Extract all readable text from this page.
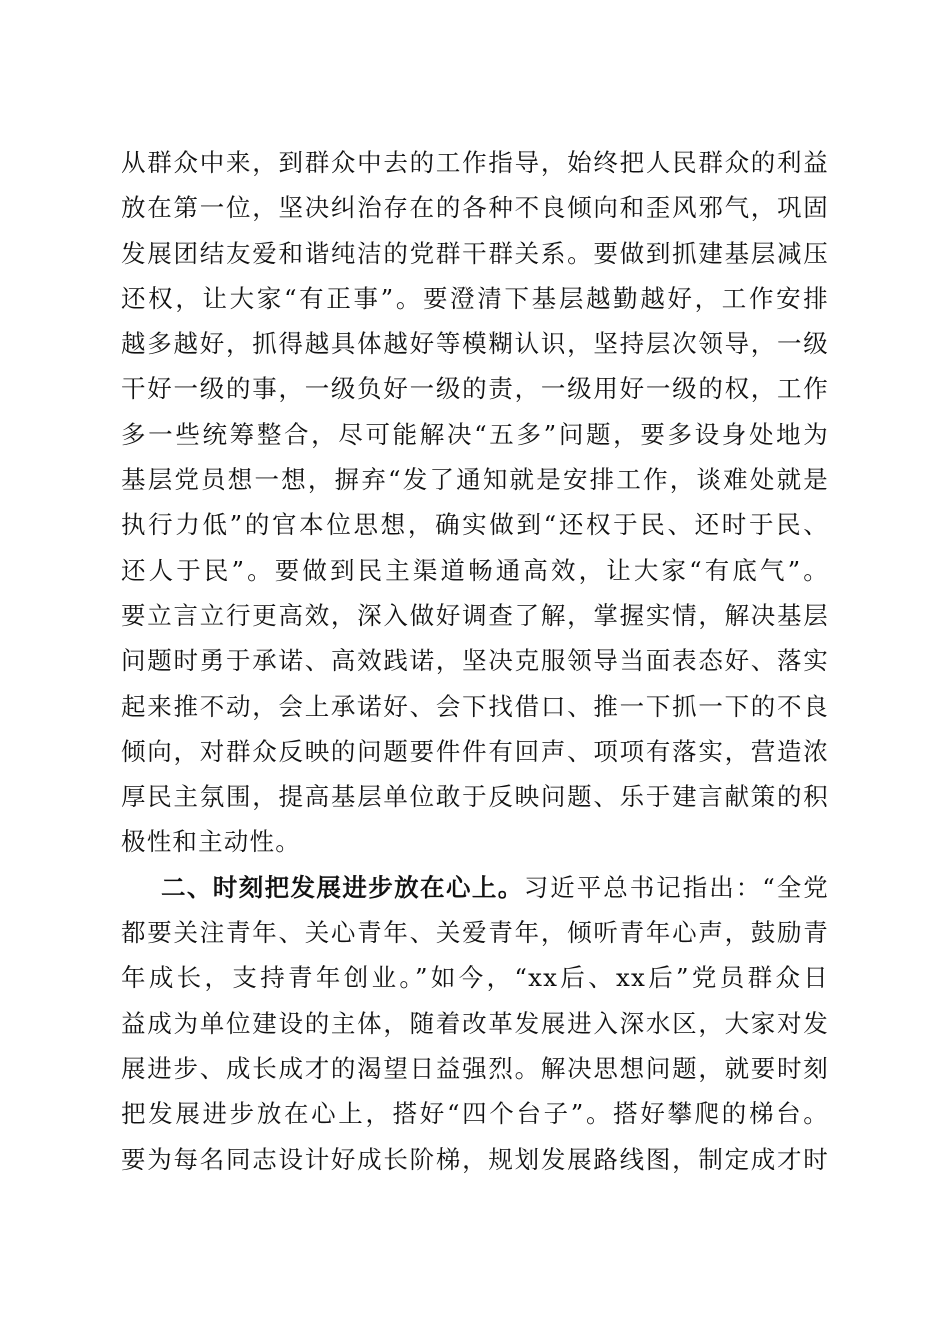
从群众中来，到群众中去的工作指导，始终把人民群众的利益
放在第一位，坚决纠治存在的各种不良倾向和歪风邪气，巩固
发展团结友爱和谐纯洁的党群干群关系。要做到抓建基层减压
还权，让大家“有正事”。要澄清下基层越勤越好，工作安排
越多越好，抓得越具体越好等模糊认识，坚持层次领导，一级
干好一级的事，一级负好一级的责，一级用好一级的权，工作
多一些统筹整合，尽可能解决“五多”问题，要多设身处地为
基层党员想一想，摒弃“发了通知就是安排工作，谈难处就是
执行力低”的官本位思想，确实做到“还权于民、还时于民、
还人于民”。要做到民主渠道畅通高效，让大家“有底气”。
要立言立行更高效，深入做好调查了解，掌握实情，解决基层
问题时勇于承诺、高效践诺，坚决克服领导当面表态好、落实
起来推不动，会上承诺好、会下找借口、推一下抓一下的不良
倾向，对群众反映的问题要件件有回声、项项有落实，营造浓
厚民主氛围，提高基层单位敢于反映问题、乐于建言献策的积
极性和主动性。
二、时刻把发展进步放在心上。习近平总书记指出：“全党
都要关注青年、关心青年、关爱青年，倾听青年心声，鼓励青
年成长，支持青年创业。”如今，“xx后、xx后”党员群众日
益成为单位建设的主体，随着改革发展进入深水区，大家对发
展进步、成长成才的渴望日益强烈。解决思想问题，就要时刻
把发展进步放在心上，搭好“四个台子”。搭好攀爬的梯台。
要为每名同志设计好成长阶梯，规划发展路线图，制定成才时
